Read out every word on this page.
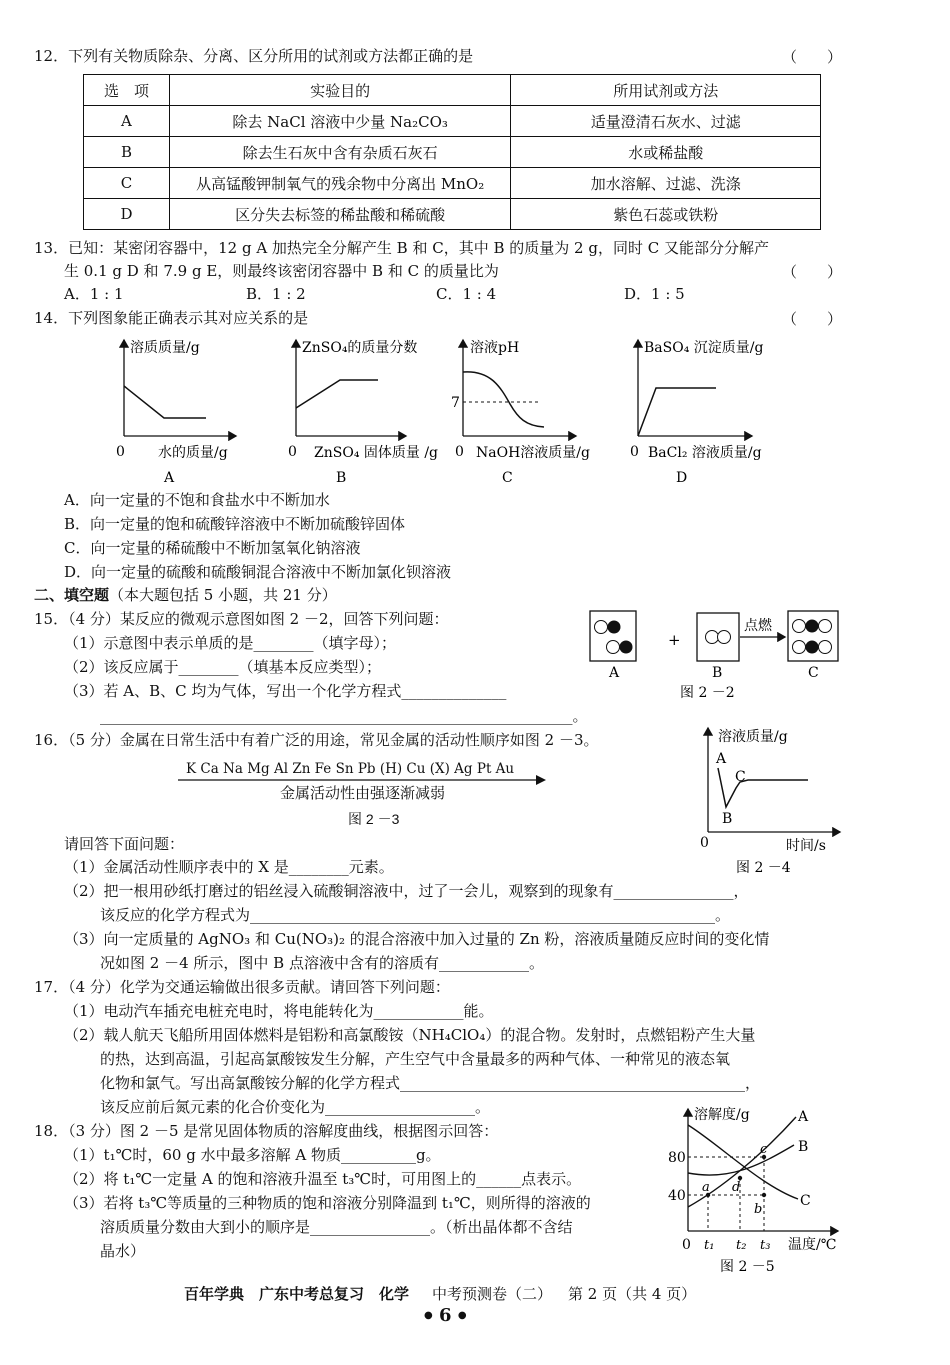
12．下列有关物质除杂、分离、区分所用的试剂或方法都正确的是	（　　）
选　项	实验目的	所用试剂或方法
A	除去 NaCl 溶液中少量 Na₂CO₃	适量澄清石灰水、过滤
B	除去生石灰中含有杂质石灰石	水或稀盐酸
C	从高锰酸钾制氧气的残余物中分离出 MnO₂	加水溶解、过滤、洗涤
D	区分失去标签的稀盐酸和稀硫酸	紫色石蕊或铁粉
13．已知：某密闭容器中，12 g A 加热完全分解产生 B 和 C，其中 B 的质量为 2 g，同时 C 又能部分分解产
生 0.1 g D 和 7.9 g E，则最终该密闭容器中 B 和 C 的质量比为	（　　）
A．1 : 1	B．1 : 2	C．1 : 4	D．1 : 5
14．下列图象能正确表示其对应关系的是	（　　）
溶质质量/g
0 水的质量/g
A
ZnSO₄的质量分数
0 ZnSO₄ 固体质量 /g
B
溶液pH
7
0 NaOH溶液质量/g
C
BaSO₄ 沉淀质量/g
0 BaCl₂ 溶液质量/g
D
A．向一定量的不饱和食盐水中不断加水
B．向一定量的饱和硫酸锌溶液中不断加硫酸锌固体
C．向一定量的稀硫酸中不断加氢氧化钠溶液
D．向一定量的硫酸和硫酸铜混合溶液中不断加氯化钡溶液
二、填空题（本大题包括 5 小题，共 21 分）
15．（4 分）某反应的微观示意图如图 2 －2，回答下列问题：
（1）示意图中表示单质的是________（填字母）；
（2）该反应属于________（填基本反应类型）；
（3）若 A、B、C 均为气体，写出一个化学方程式______________
_______________________________________________________________。
+
点燃
A	B	C
图 2 －2
16．（5 分）金属在日常生活中有着广泛的用途，常见金属的活动性顺序如图 2 －3。
K Ca Na Mg Al Zn Fe Sn Pb (H) Cu (X) Ag Pt Au
金属活动性由强逐渐减弱
图 2 －3
请回答下面问题：
（1）金属活动性顺序表中的 X 是________元素。
（2）把一根用砂纸打磨过的铝丝浸入硫酸铜溶液中，过了一会儿，观察到的现象有________________，
该反应的化学方程式为______________________________________________________________。
（3）向一定质量的 AgNO₃ 和 Cu(NO₃)₂ 的混合溶液中加入过量的 Zn 粉，溶液质量随反应时间的变化情
况如图 2 －4 所示，图中 B 点溶液中含有的溶质有____________。
溶液质量/g
A
B
C
0	时间/s
图 2 －4
17．（4 分）化学为交通运输做出很多贡献。请回答下列问题：
（1）电动汽车插充电桩充电时，将电能转化为____________能。
（2）载人航天飞船所用固体燃料是铝粉和高氯酸铵（NH₄ClO₄）的混合物。发射时，点燃铝粉产生大量
的热，达到高温，引起高氯酸铵发生分解，产生空气中含量最多的两种气体、一种常见的液态氧
化物和氯气。写出高氯酸铵分解的化学方程式______________________________________________，
该反应前后氮元素的化合价变化为____________________。
18．（3 分）图 2 －5 是常见固体物质的溶解度曲线，根据图示回答：
（1）t₁℃时，60 g 水中最多溶解 A 物质__________g。
（2）将 t₁℃一定量 A 的饱和溶液升温至 t₃℃时，可用图上的______点表示。
（3）若将 t₃℃等质量的三种物质的饱和溶液分别降温到 t₁℃，则所得的溶液的
溶质质量分数由大到小的顺序是________________。（析出晶体都不含结
晶水）
溶解度/g	A
B
C
80
40
a d
c
b
0 t₁ t₂ t₃ 温度/℃
图 2 －5
百年学典　广东中考总复习　化学 中考预测卷（二） 第 2 页（共 4 页）
● 6 ●
